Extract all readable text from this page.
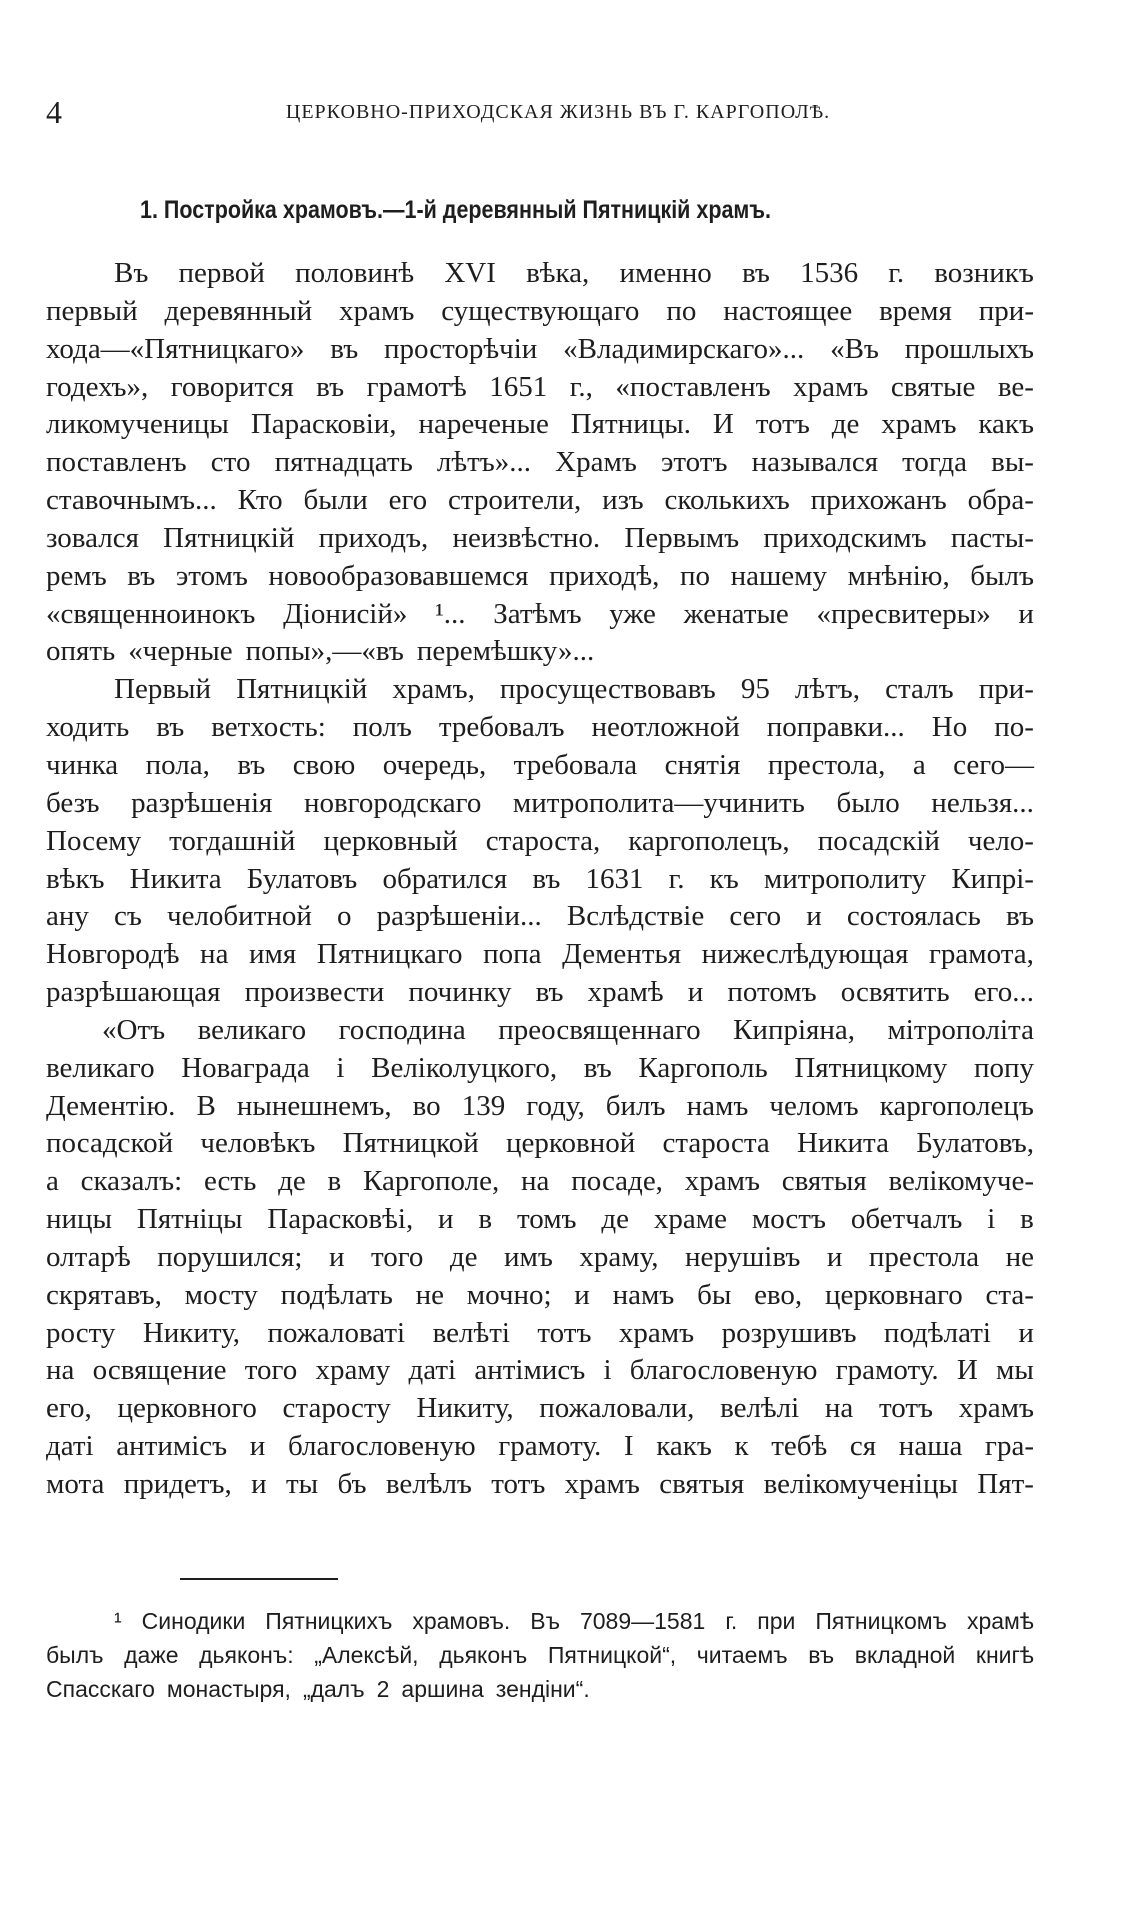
4	ЦЕРКОВНО-ПРИХОДСКАЯ ЖИЗНЬ ВЪ Г. КАРГОПОЛѢ.
1. Постройка храмовъ.—1-й деревянный Пятницкій храмъ.
Въ первой половинѣ XVI вѣка, именно въ 1536 г. возникъ
первый деревянный храмъ существующаго по настоящее время при-
хода—«Пятницкаго» въ просторѣчіи «Владимирскаго»... «Въ прошлыхъ
годехъ», говорится въ грамотѣ 1651 г., «поставленъ храмъ святые ве-
ликомученицы Парасковіи, нареченые Пятницы. И тотъ де храмъ какъ
поставленъ сто пятнадцать лѣтъ»... Храмъ этотъ назывался тогда вы-
ставочнымъ... Кто были его строители, изъ сколькихъ прихожанъ обра-
зовался Пятницкій приходъ, неизвѣстно. Первымъ приходскимъ пасты-
ремъ въ этомъ новообразовавшемся приходѣ, по нашему мнѣнію, былъ
«священноинокъ Діонисій» ¹... Затѣмъ уже женатые «пресвитеры» и
опять «черные попы»,—«въ перемѣшку»...
Первый Пятницкій храмъ, просуществовавъ 95 лѣтъ, сталъ при-
ходить въ ветхость: полъ требовалъ неотложной поправки... Но по-
чинка пола, въ свою очередь, требовала снятія престола, а сего—
безъ разрѣшенія новгородскаго митрополита—учинить было нельзя...
Посему тогдашній церковный староста, каргополецъ, посадскій чело-
вѣкъ Никита Булатовъ обратился въ 1631 г. къ митрополиту Кипрі-
ану съ челобитной о разрѣшеніи... Вслѣдствіе сего и состоялась въ
Новгородѣ на имя Пятницкаго попа Дементья нижеслѣдующая грамота,
разрѣшающая произвести починку въ храмѣ и потомъ освятить его...
«Отъ великаго господина преосвященнаго Кипріяна, мітрополіта
великаго Новаграда і Веліколуцкого, въ Каргополь Пятницкому попу
Дементію. В нынешнемъ, во 139 году, билъ намъ челомъ каргополецъ
посадской человѣкъ Пятницкой церковной староста Никита Булатовъ,
а сказалъ: есть де в Каргополе, на посаде, храмъ святыя велікомуче-
ницы Пятніцы Парасковѣі, и в томъ де храме мостъ обетчалъ і в
олтарѣ порушился; и того де имъ храму, нерушівъ и престола не
скрятавъ, мосту подѣлать не мочно; и намъ бы ево, церковнаго ста-
росту Никиту, пожаловаті велѣті тотъ храмъ розрушивъ подѣлаті и
на освящение того храму даті антімисъ і благословеную грамоту. И мы
его, церковного старосту Никиту, пожаловали, велѣлі на тотъ храмъ
даті антимісъ и благословеную грамоту. І какъ к тебѣ ся наша гра-
мота придетъ, и ты бъ велѣлъ тотъ храмъ святыя велікомученіцы Пят-
¹ Синодики Пятницкихъ храмовъ. Въ 7089—1581 г. при Пятницкомъ храмѣ
былъ даже дьяконъ: „Алексѣй, дьяконъ Пятницкой“, читаемъ въ вкладной книгѣ
Спасскаго монастыря, „далъ 2 аршина зендіни“.
